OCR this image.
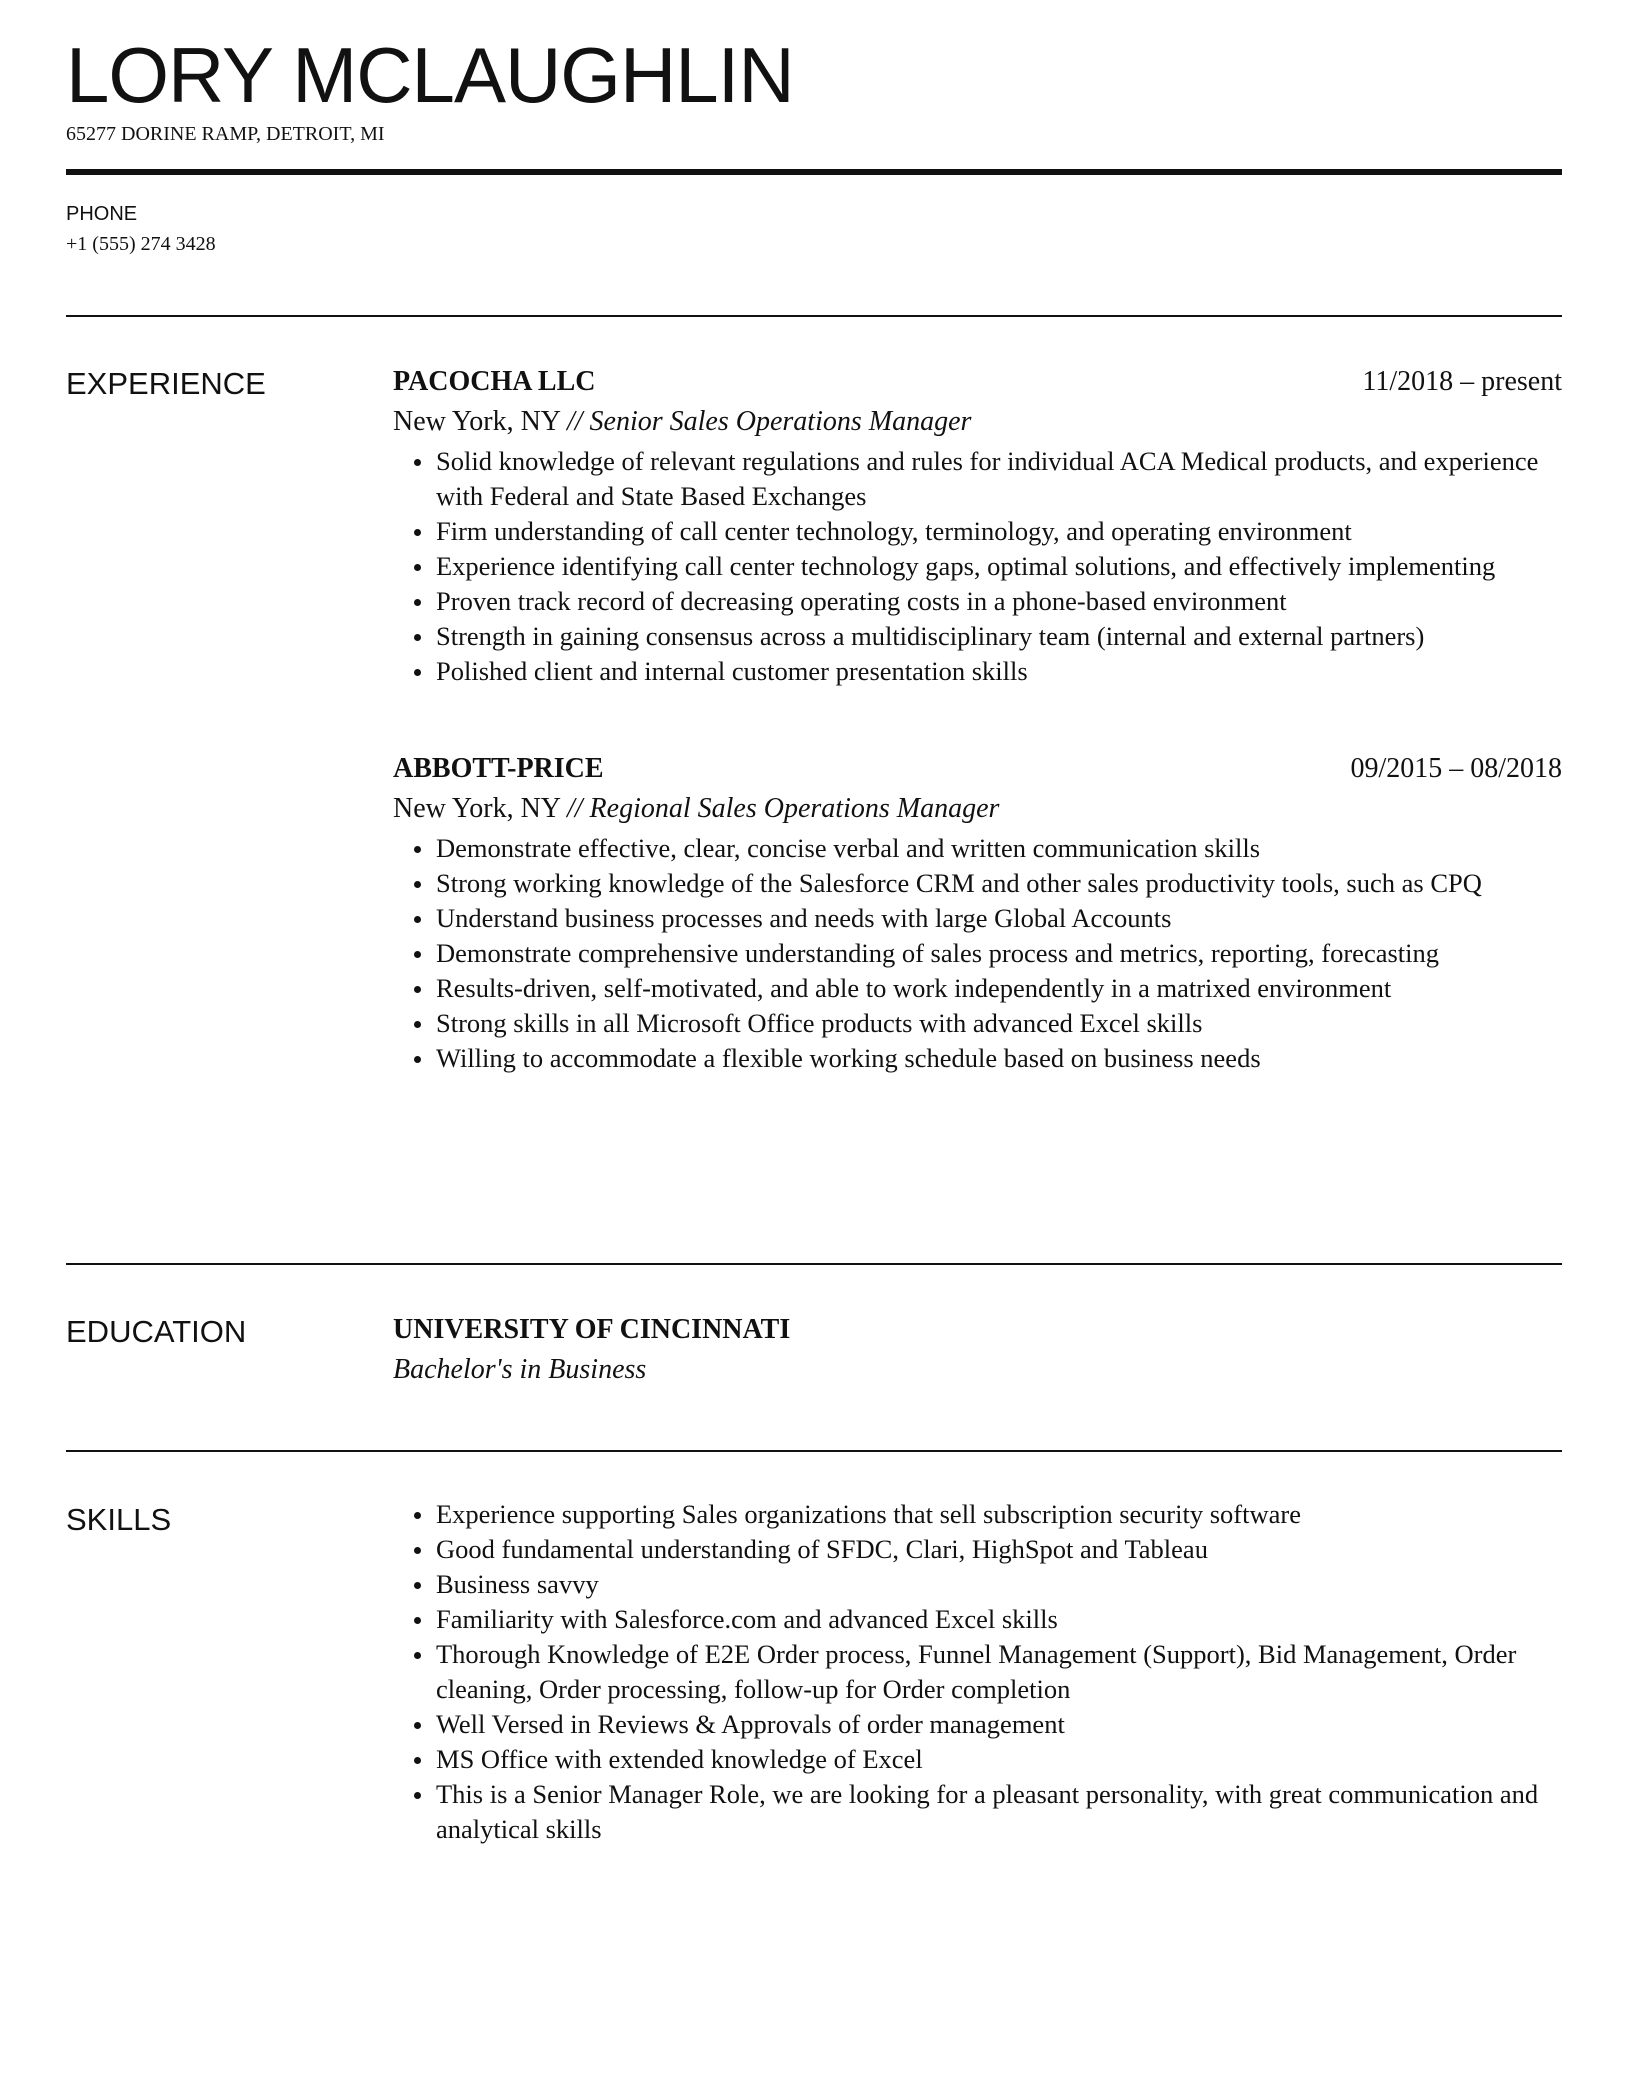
LORY MCLAUGHLIN
65277 DORINE RAMP, DETROIT, MI
PHONE
+1 (555) 274 3428
EXPERIENCE	PACOCHA LLC	11/2018 – present
New York, NY // Senior Sales Operations Manager
Solid knowledge of relevant regulations and rules for individual ACA Medical products, and experience with Federal and State Based Exchanges
Firm understanding of call center technology, terminology, and operating environment
Experience identifying call center technology gaps, optimal solutions, and effectively implementing
Proven track record of decreasing operating costs in a phone-based environment
Strength in gaining consensus across a multidisciplinary team (internal and external partners)
Polished client and internal customer presentation skills
ABBOTT-PRICE	09/2015 – 08/2018
New York, NY // Regional Sales Operations Manager
Demonstrate effective, clear, concise verbal and written communication skills
Strong working knowledge of the Salesforce CRM and other sales productivity tools, such as CPQ
Understand business processes and needs with large Global Accounts
Demonstrate comprehensive understanding of sales process and metrics, reporting, forecasting
Results-driven, self-motivated, and able to work independently in a matrixed environment
Strong skills in all Microsoft Office products with advanced Excel skills
Willing to accommodate a flexible working schedule based on business needs
EDUCATION	UNIVERSITY OF CINCINNATI
Bachelor's in Business
SKILLS	Experience supporting Sales organizations that sell subscription security software
Good fundamental understanding of SFDC, Clari, HighSpot and Tableau
Business savvy
Familiarity with Salesforce.com and advanced Excel skills
Thorough Knowledge of E2E Order process, Funnel Management (Support), Bid Management, Order cleaning, Order processing, follow-up for Order completion
Well Versed in Reviews & Approvals of order management
MS Office with extended knowledge of Excel
This is a Senior Manager Role, we are looking for a pleasant personality, with great communication and analytical skills
